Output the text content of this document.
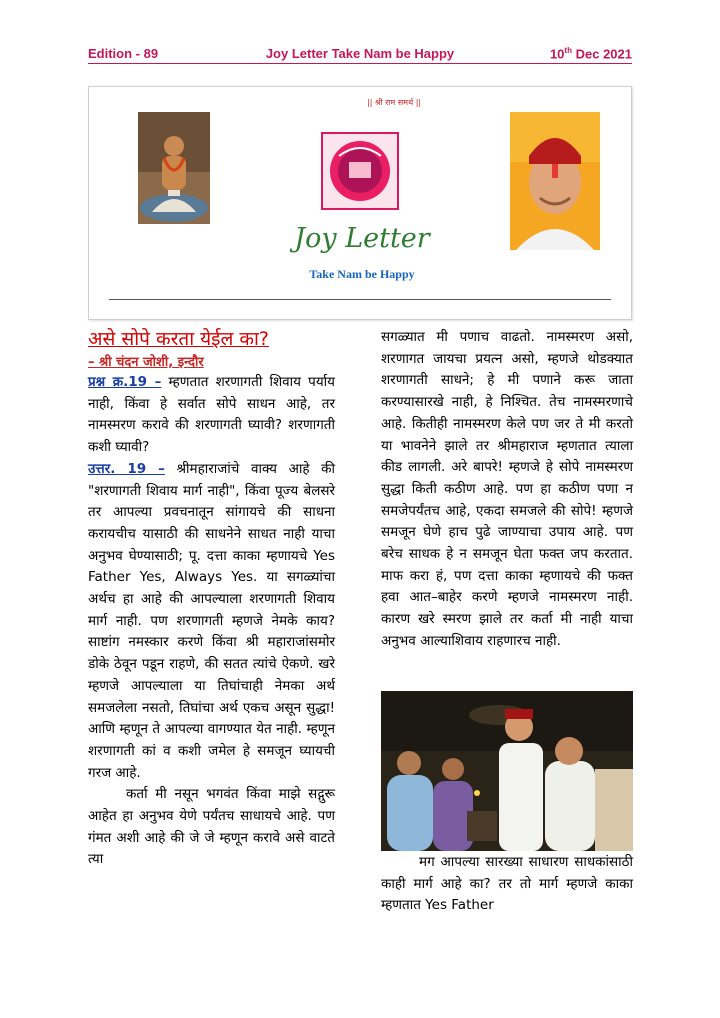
Edition - 89	Joy Letter Take Nam be Happy	10th Dec 2021
|| श्री राम समर्थ ||
Joy Letter
Take Nam be Happy
असे सोपे करता येईल का?
– श्री चंदन जोशी, इन्दौर

प्रश्न क्र.19 – म्हणतात शरणागती शिवाय पर्याय नाही, किंवा हे सर्वात सोपे साधन आहे, तर नामस्मरण करावे की शरणागती घ्यावी? शरणागती कशी घ्यावी?

उत्तर. 19 – श्रीमहाराजांचे वाक्य आहे की "शरणागती शिवाय मार्ग नाही", किंवा पूज्य बेलसरे तर आपल्या प्रवचनातून सांगायचे की साधना करायचीच यासाठी की साधनेने साधत नाही याचा अनुभव घेण्यासाठी; पू. दत्ता काका म्हणायचे Yes Father Yes, Always Yes. या सगळ्यांचा अर्थच हा आहे की आपल्याला शरणागती शिवाय मार्ग नाही. पण शरणागती म्हणजे नेमके काय? साष्टांग नमस्कार करणे किंवा श्री महाराजांसमोर डोके ठेवून पडून राहणे, की सतत त्यांचे ऐकणे. खरे म्हणजे आपल्याला या तिघांचाही नेमका अर्थ समजलेला नसतो, तिघांचा अर्थ एकच असून सुद्धा! आणि म्हणून ते आपल्या वागण्यात येत नाही. म्हणून शरणागती कां व कशी जमेल हे समजून घ्यायची गरज आहे.

कर्ता मी नसून भगवंत किंवा माझे सद्गुरू आहेत हा अनुभव येणे पर्यंतच साधायचे आहे. पण गंमत अशी आहे की जे जे म्हणून करावे असे वाटते त्या

सगळ्यात मी पणाच वाढतो. नामस्मरण असो, शरणागत जायचा प्रयत्न असो, म्हणजे थोडक्यात शरणागती साधने; हे मी पणाने करू जाता करण्यासारखे नाही, हे निश्चित. तेच नामस्मरणाचे आहे. कितीही नामस्मरण केले पण जर ते मी करतो या भावनेने झाले तर श्रीमहाराज म्हणतात त्याला कीड लागली. अरे बापरे! म्हणजे हे सोपे नामस्मरण सुद्धा किती कठीण आहे. पण हा कठीण पणा न समजेपर्यंतच आहे, एकदा समजले की सोपे! म्हणजे समजून घेणे हाच पुढे जाण्याचा उपाय आहे. पण बरेच साधक हे न समजून घेता फक्त जप करतात. माफ करा हं, पण दत्ता काका म्हणायचे की फक्त हवा आत–बाहेर करणे म्हणजे नामस्मरण नाही. कारण खरे स्मरण झाले तर कर्ता मी नाही याचा अनुभव आल्याशिवाय राहणारच नाही.

मग आपल्या सारख्या साधारण साधकांसाठी काही मार्ग आहे का? तर तो मार्ग म्हणजे काका म्हणतात Yes Father
